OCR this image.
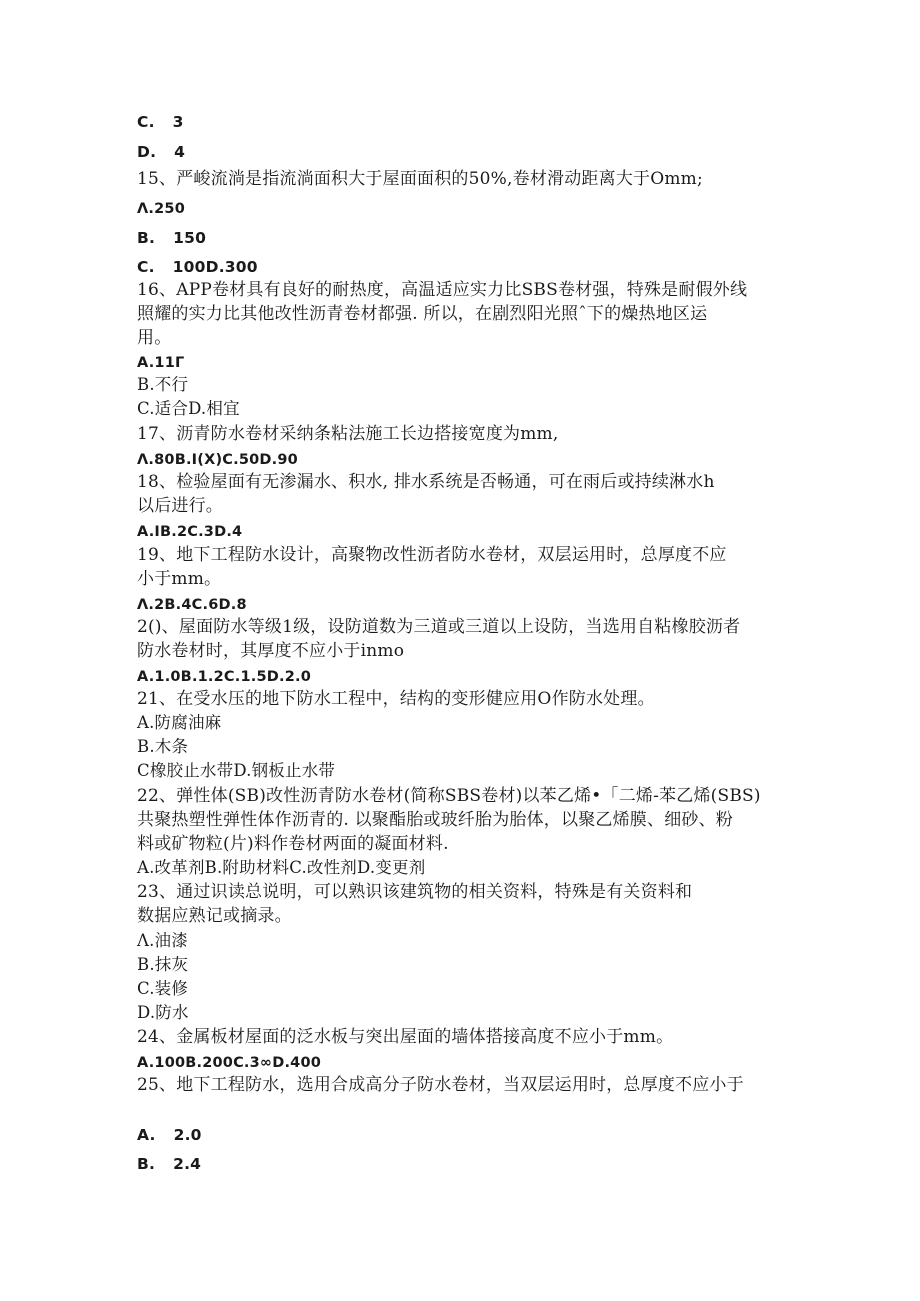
C. 3
D. 4
15、严峻流淌是指流淌面积大于屋面面积的50%,卷材滑动距离大于Omm;
Λ.250
B. 150
C. 100D.300
16、APP卷材具有良好的耐热度，高温适应实力比SBS卷材强，特殊是耐假外线
照耀的实力比其他改性沥青卷材都强. 所以，在剧烈阳光照ˆ下的燥热地区运
用。
A.11Γ
B.不行
C.适合D.相宜
17、沥青防水卷材采纳条粘法施工长边搭接宽度为mm,
Λ.80B.I(X)C.50D.90
18、检验屋面有无渗漏水、积水, 排水系统是否畅通，可在雨后或持续淋水h
以后进行。
A.IB.2C.3D.4
19、地下工程防水设计，高聚物改性沥者防水卷材，双层运用时，总厚度不应
小于mm。
Λ.2B.4C.6D.8
2()、屋面防水等级1级，设防道数为三道或三道以上设防，当选用自粘橡胶沥者
防水卷材时，其厚度不应小于inmo
A.1.0B.1.2C.1.5D.2.0
21、在受水压的地下防水工程中，结构的变形健应用O作防水处理。
A.防腐油麻
B.木条
C橡胶止水带D.钢板止水带
22、弹性体(SB)改性沥青防水卷材(简称SBS卷材)以苯乙烯•「二烯-苯乙烯(SBS)
共聚热塑性弹性体作沥青的. 以聚酯胎或玻纤胎为胎体，以聚乙烯膜、细砂、粉
料或矿物粒(片)料作卷材两面的凝面材料.
A.改革剂B.附助材料C.改性剂D.变更剂
23、通过识读总说明，可以熟识该建筑物的相关资料，特殊是有关资料和
数据应熟记或摘录。
Λ.油漆
B.抹灰
C.装修
D.防水
24、金属板材屋面的泛水板与突出屋面的墙体搭接高度不应小于mm。
A.100B.200C.3∞D.400
25、地下工程防水，选用合成高分子防水卷材，当双层运用时，总厚度不应小于
A. 2.0
B. 2.4
